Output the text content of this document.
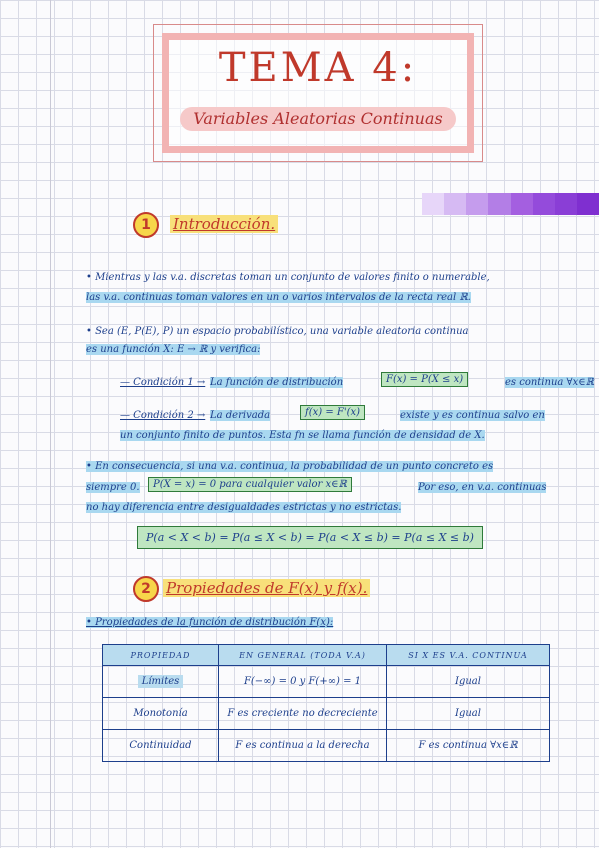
TEMA 4:
Variables Aleatorias Continuas
1	Introducción.
• Mientras y las v.a. discretas toman un conjunto de valores finito o numerable,
las v.a. continuas toman valores en un o varios intervalos de la recta real ℝ.
• Sea (Ε, P(Ε), P) un espacio probabilístico, una variable aleatoria continua
es una función X: Ε → ℝ y verifica:
— Condición 1 → La función de distribución	F(x) = P(X ≤ x)	es continua ∀x∈ℝ
— Condición 2 → La derivada	f(x) = F'(x)	existe y es continua salvo en
un conjunto finito de puntos. Esta fn se llama función de densidad de X.
• En consecuencia, si una v.a. continua, la probabilidad de un punto concreto es
siempre 0.	P(X = x) = 0 para cualquier valor x∈ℝ	Por eso, en v.a. continuas
no hay diferencia entre desigualdades estrictas y no estrictas.
P(a < X < b) = P(a ≤ X < b) = P(a < X ≤ b) = P(a ≤ X ≤ b)
2	Propiedades de F(x) y f(x).
• Propiedades de la función de distribución F(x):
PROPIEDAD	EN GENERAL (TODA V.A)	SI X ES V.A. CONTINUA
Límites	F(−∞) = 0 y F(+∞) = 1	Igual
Monotonía	F es creciente no decreciente	Igual
Continuidad	F es continua a la derecha	F es continua ∀x∈ℝ
